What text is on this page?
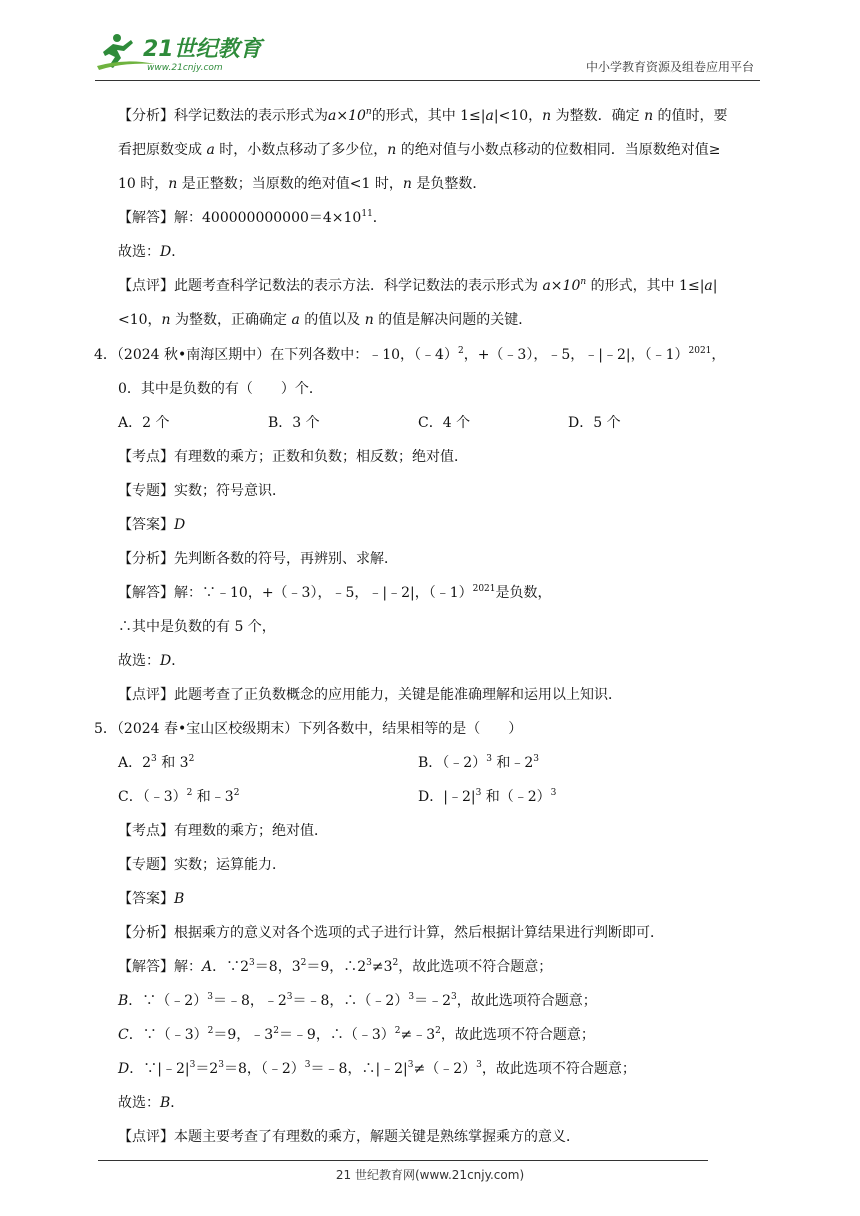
21世纪教育
www.21cnjy.com	中小学教育资源及组卷应用平台
【分析】科学记数法的表示形式为$a\times 10^n$的形式，其中 1≤|a|<10，n 为整数．确定 n 的值时，要
看把原数变成 a 时，小数点移动了多少位，n 的绝对值与小数点移动的位数相同．当原数绝对值≥
10 时，n 是正整数；当原数的绝对值<1 时，n 是负整数．
【解答】解：$400000000000=4\times 10^{11}$．
故选：D．
【点评】此题考查科学记数法的表示方法．科学记数法的表示形式为 $a\times 10^n$ 的形式，其中 1≤|a|
<10，n 为整数，正确确定 a 的值以及 n 的值是解决问题的关键．
4．（2024 秋•南海区期中）在下列各数中：﹣10，（﹣4）$^2$，+（﹣3），﹣5，﹣|﹣2|，（﹣1）$^{2021}$，
0．其中是负数的有（　　）个．
A．2 个	B．3 个	C．4 个	D．5 个
【考点】有理数的乘方；正数和负数；相反数；绝对值．
【专题】实数；符号意识．
【答案】D
【分析】先判断各数的符号，再辨别、求解．
【解答】解：∵﹣10，+（﹣3），﹣5，﹣|﹣2|，（﹣1）$^{2021}$是负数，
∴其中是负数的有 5 个，
故选：D．
【点评】此题考查了正负数概念的应用能力，关键是能准确理解和运用以上知识．
5．（2024 春•宝山区校级期末）下列各数中，结果相等的是（　　）
A．$2^3$ 和 $3^2$	B．（﹣2）$^3$ 和$﹣2^3$
C．（﹣3）$^2$ 和$﹣3^2$	D．$|﹣2|^3$ 和（﹣2）$^3$
【考点】有理数的乘方；绝对值．
【专题】实数；运算能力．
【答案】B
【分析】根据乘方的意义对各个选项的式子进行计算，然后根据计算结果进行判断即可．
【解答】解：A．$\because 2^3=8$，$3^2=9$，$\therefore 2^3\ne 3^2$，故此选项不符合题意；
B．∵（﹣2）$^3$＝﹣8，$﹣2^3=﹣8$，$\therefore(﹣2)^3=﹣2^3$，故此选项符合题意；
C．∵（﹣3）$^2$＝9，$﹣3^2=﹣9$，$\therefore(﹣3)^2\ne﹣3^2$，故此选项不符合题意；
D．$\because|﹣2|^3=2^3=8$，（﹣2）$^3$＝﹣8，$\therefore|﹣2|^3\ne(﹣2)^3$，故此选项不符合题意；
故选：B．
【点评】本题主要考查了有理数的乘方，解题关键是熟练掌握乘方的意义．
21 世纪教育网(www.21cnjy.com)
